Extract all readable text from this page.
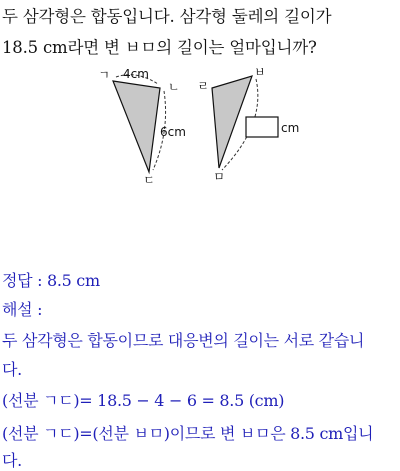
두 삼각형은 합동입니다. 삼각형 둘레의 길이가
18.5 cm라면 변 ㅂㅁ의 길이는 얼마입니까?
ㄱ
ㄴ
ㄷ
4cm
6cm	cm
ㄹ
ㅂ
ㅁ
정답 : 8.5 cm
해설 :
두 삼각형은 합동이므로 대응변의 길이는 서로 같습니
다.
(선분 ㄱㄷ)= 18.5 − 4 − 6 = 8.5 (cm)
(선분 ㄱㄷ)=(선분 ㅂㅁ)이므로 변 ㅂㅁ은 8.5 cm입니
다.
